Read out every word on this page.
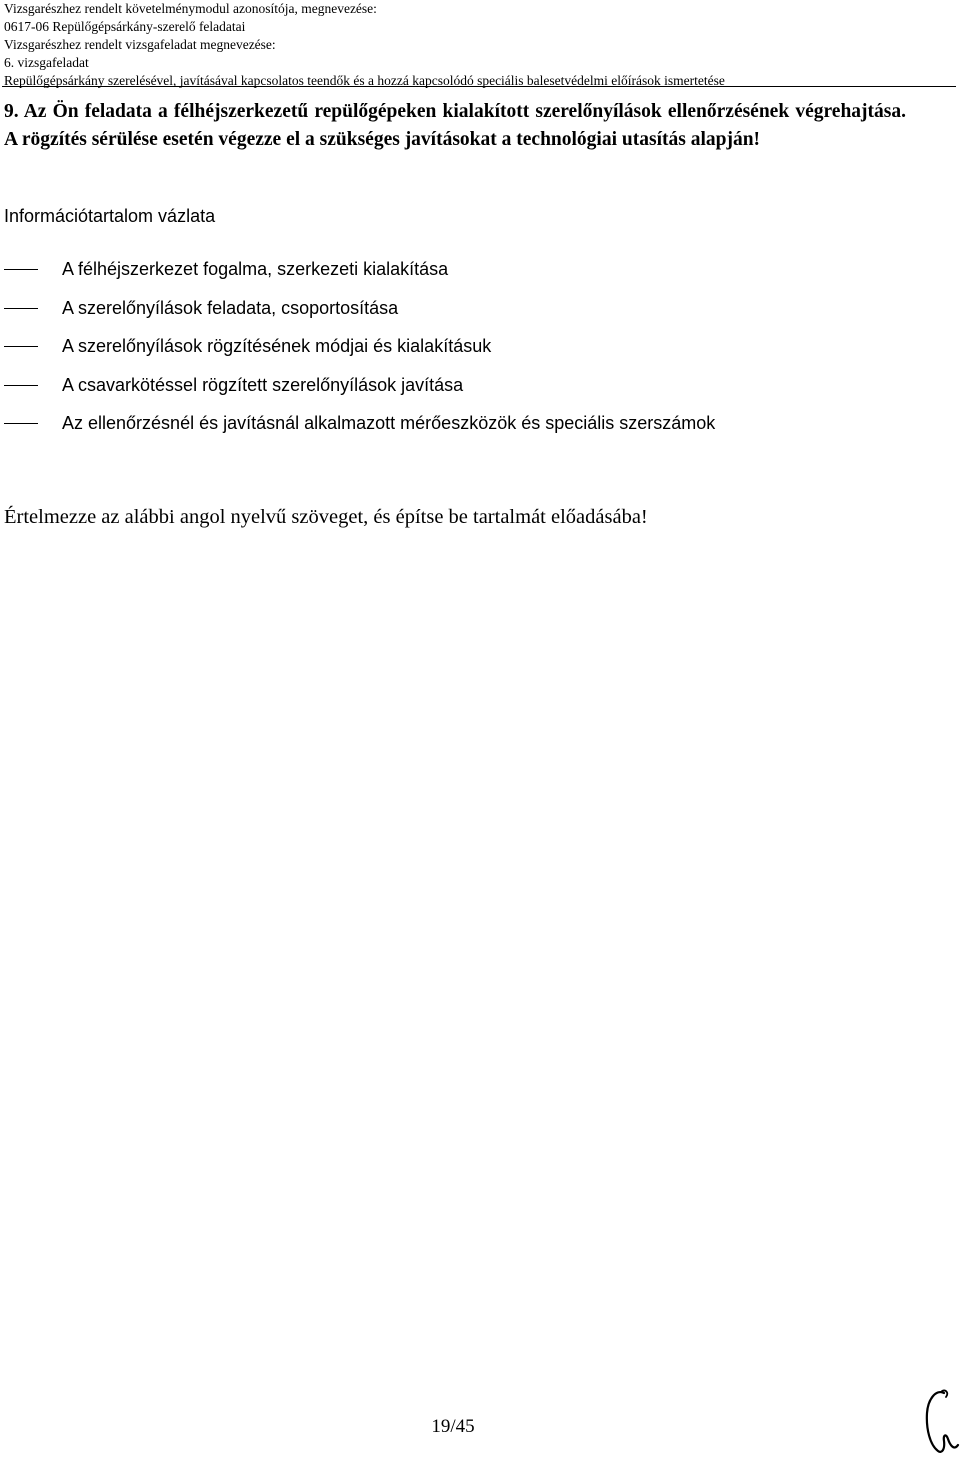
Vizsgarészhez rendelt követelménymodul azonosítója, megnevezése:
0617-06 Repülőgépsárkány-szerelő feladatai
Vizsgarészhez rendelt vizsgafeladat megnevezése:
6. vizsgafeladat
Repülőgépsárkány szerelésével, javításával kapcsolatos teendők és a hozzá kapcsolódó speciális balesetvédelmi előírások ismertetése
9. Az Ön feladata a félhéjszerkezetű repülőgépeken kialakított szerelőnyílások ellenőrzésének végrehajtása. A rögzítés sérülése esetén végezze el a szükséges javításokat a technológiai utasítás alapján!
Információtartalom vázlata
A félhéjszerkezet fogalma, szerkezeti kialakítása
A szerelőnyílások feladata, csoportosítása
A szerelőnyílások rögzítésének módjai és kialakításuk
A csavarkötéssel rögzített szerelőnyílások javítása
Az ellenőrzésnél és javításnál alkalmazott mérőeszközök és speciális szerszámok
Értelmezze az alábbi angol nyelvű szöveget, és építse be tartalmát előadásába!
19/45
